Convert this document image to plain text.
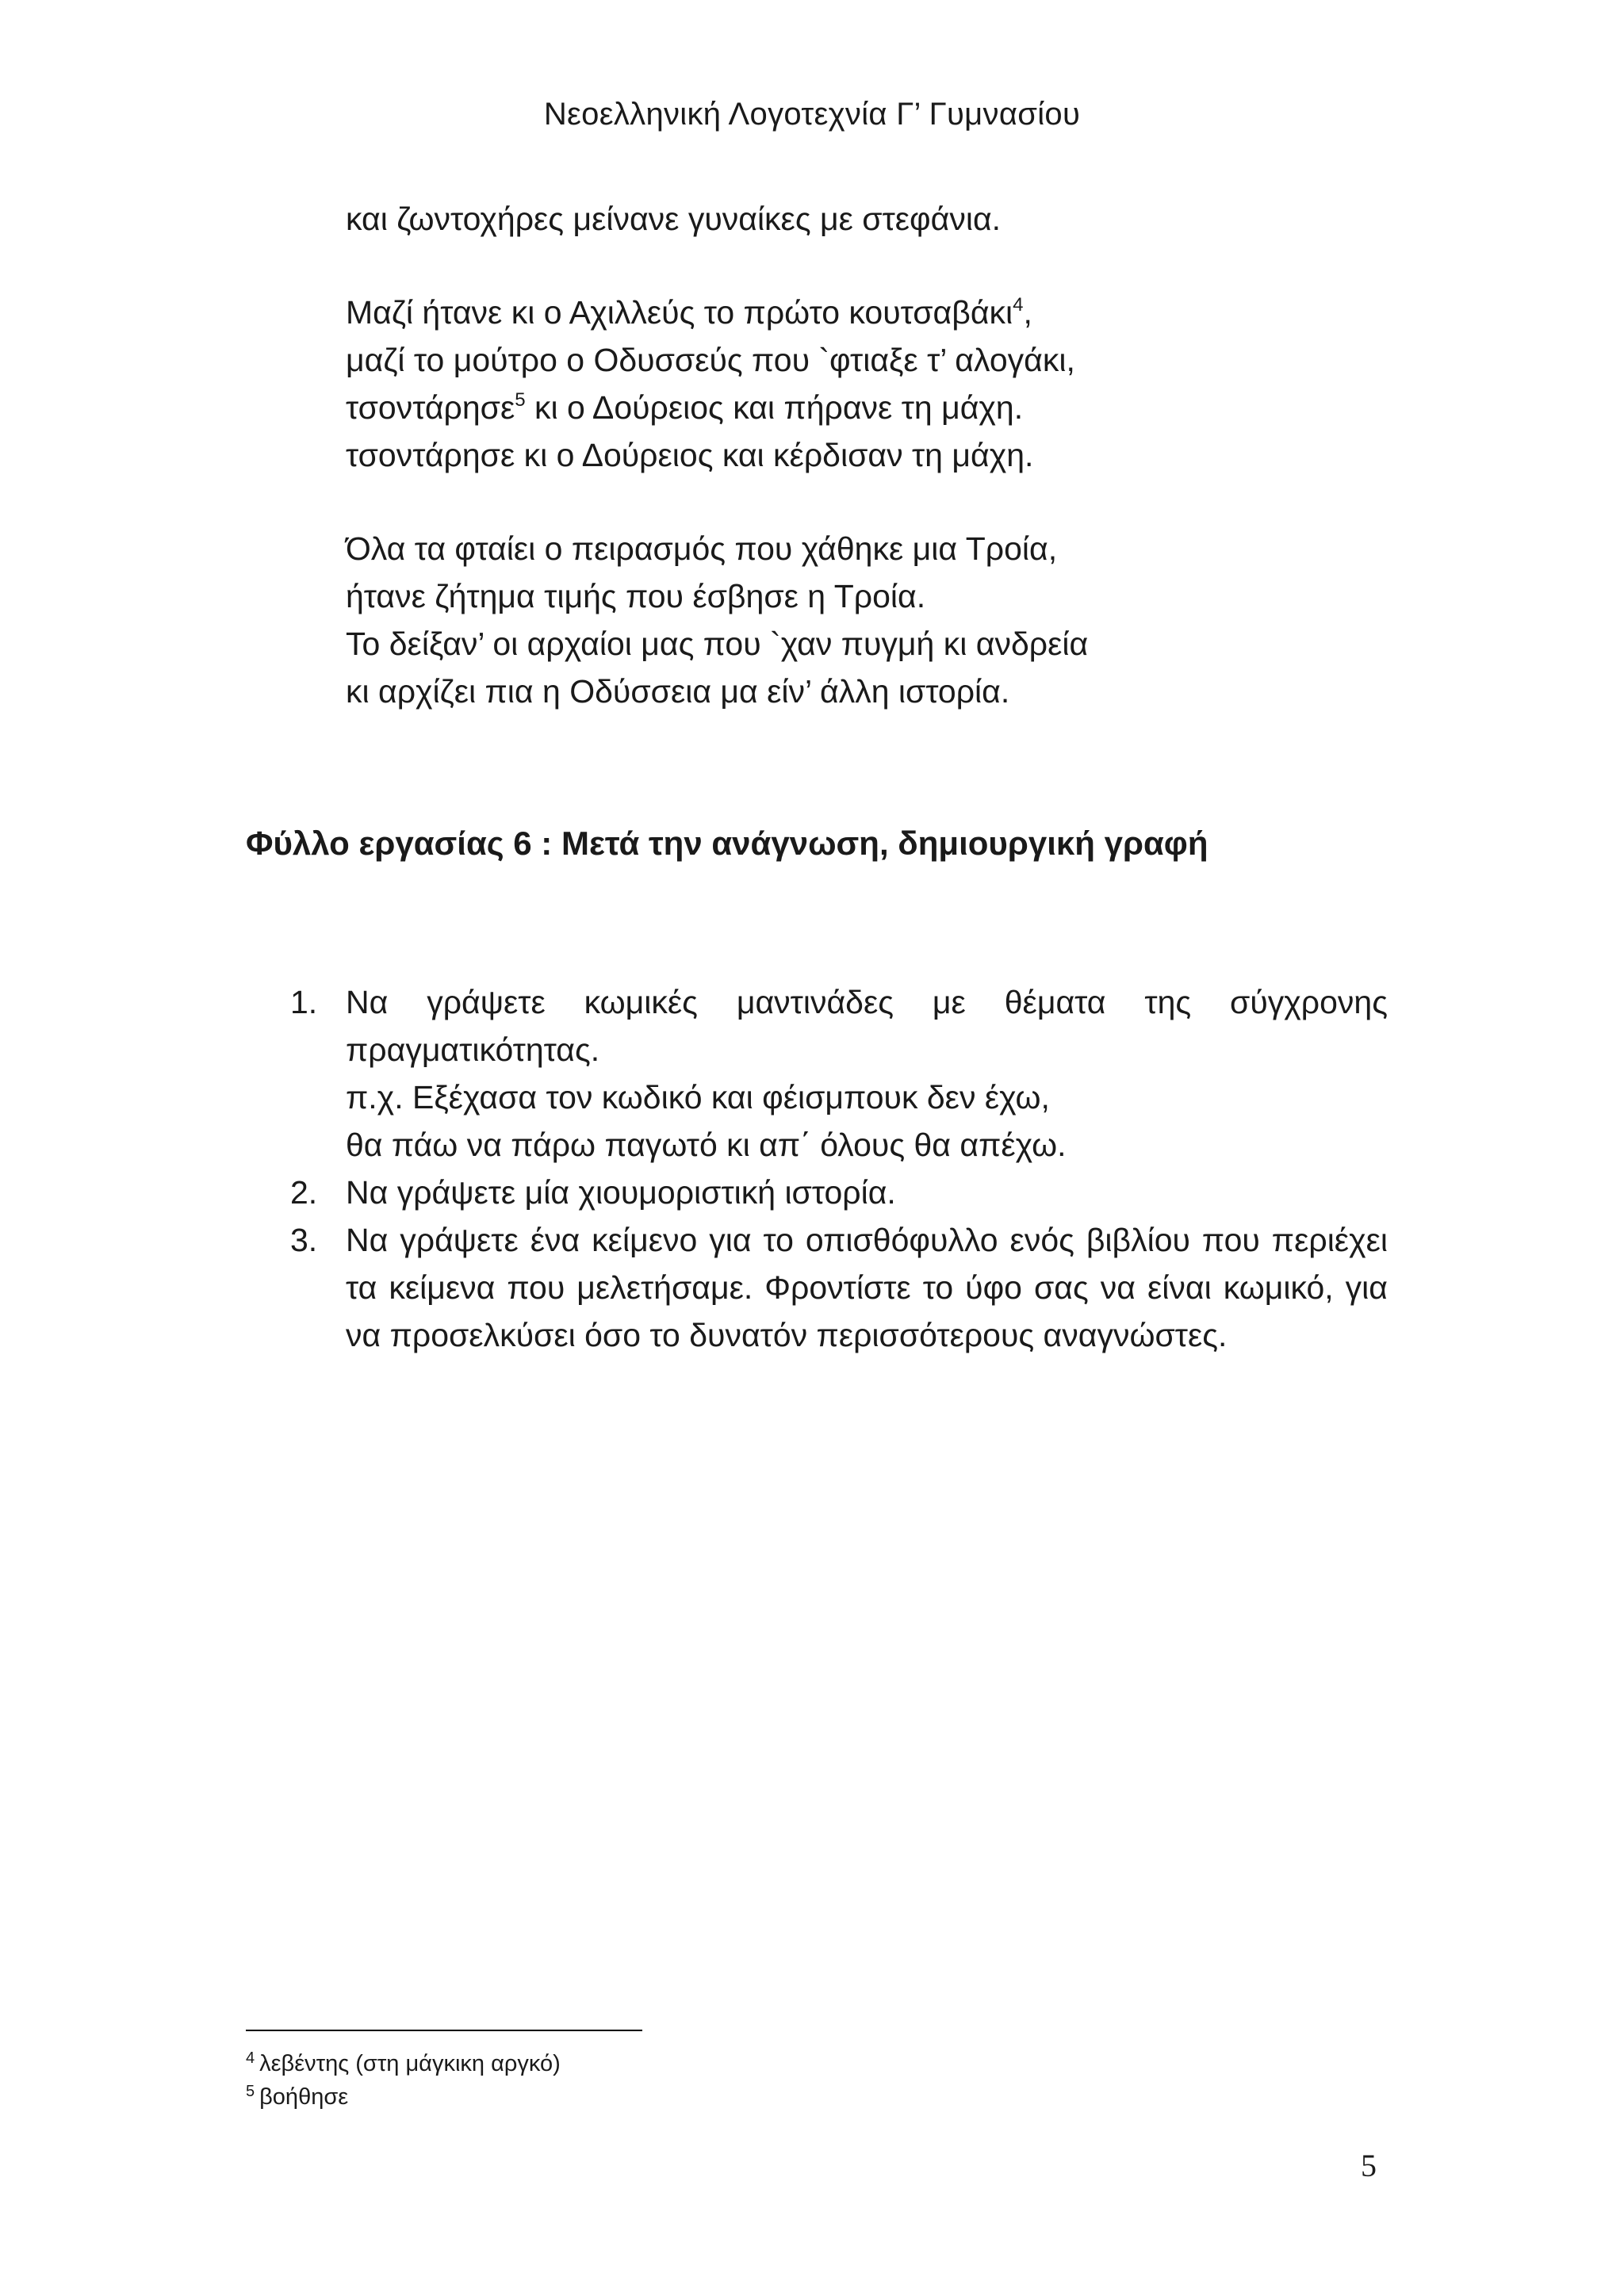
Νεοελληνική Λογοτεχνία Γ’ Γυμνασίου
και ζωντοχήρες μείνανε γυναίκες με στεφάνια.
Μαζί ήτανε κι ο Αχιλλεύς το πρώτο κουτσαβάκι$^4$,
μαζί το μούτρο ο Οδυσσεύς που `φτιαξε τ’ αλογάκι,
τσοντάρησε$^5$ κι ο Δούρειος και πήρανε τη μάχη.
τσοντάρησε κι ο Δούρειος και κέρδισαν τη μάχη.
Όλα τα φταίει ο πειρασμός που χάθηκε μια Τροία,
ήτανε ζήτημα τιμής που έσβησε η Τροία.
Το δείξαν’ οι αρχαίοι μας που `χαν πυγμή κι ανδρεία
κι αρχίζει πια η Οδύσσεια μα είν’ άλλη ιστορία.
Φύλλο εργασίας 6 : Μετά την ανάγνωση, δημιουργική γραφή
1. Να γράψετε κωμικές μαντινάδες με θέματα της σύγχρονης πραγματικότητας.
π.χ. Εξέχασα τον κωδικό και φέισμπουκ δεν έχω,
θα πάω να πάρω παγωτό κι απ΄ όλους θα απέχω.
2. Να γράψετε μία χιουμοριστική ιστορία.
3. Να γράψετε ένα κείμενο για το οπισθόφυλλο ενός βιβλίου που περιέχει τα κείμενα που μελετήσαμε. Φροντίστε το ύφο σας να είναι κωμικό, για να προσελκύσει όσο το δυνατόν περισσότερους αναγνώστες.
$^4$ λεβέντης (στη μάγκικη αργκό)
$^5$ βοήθησε
5
